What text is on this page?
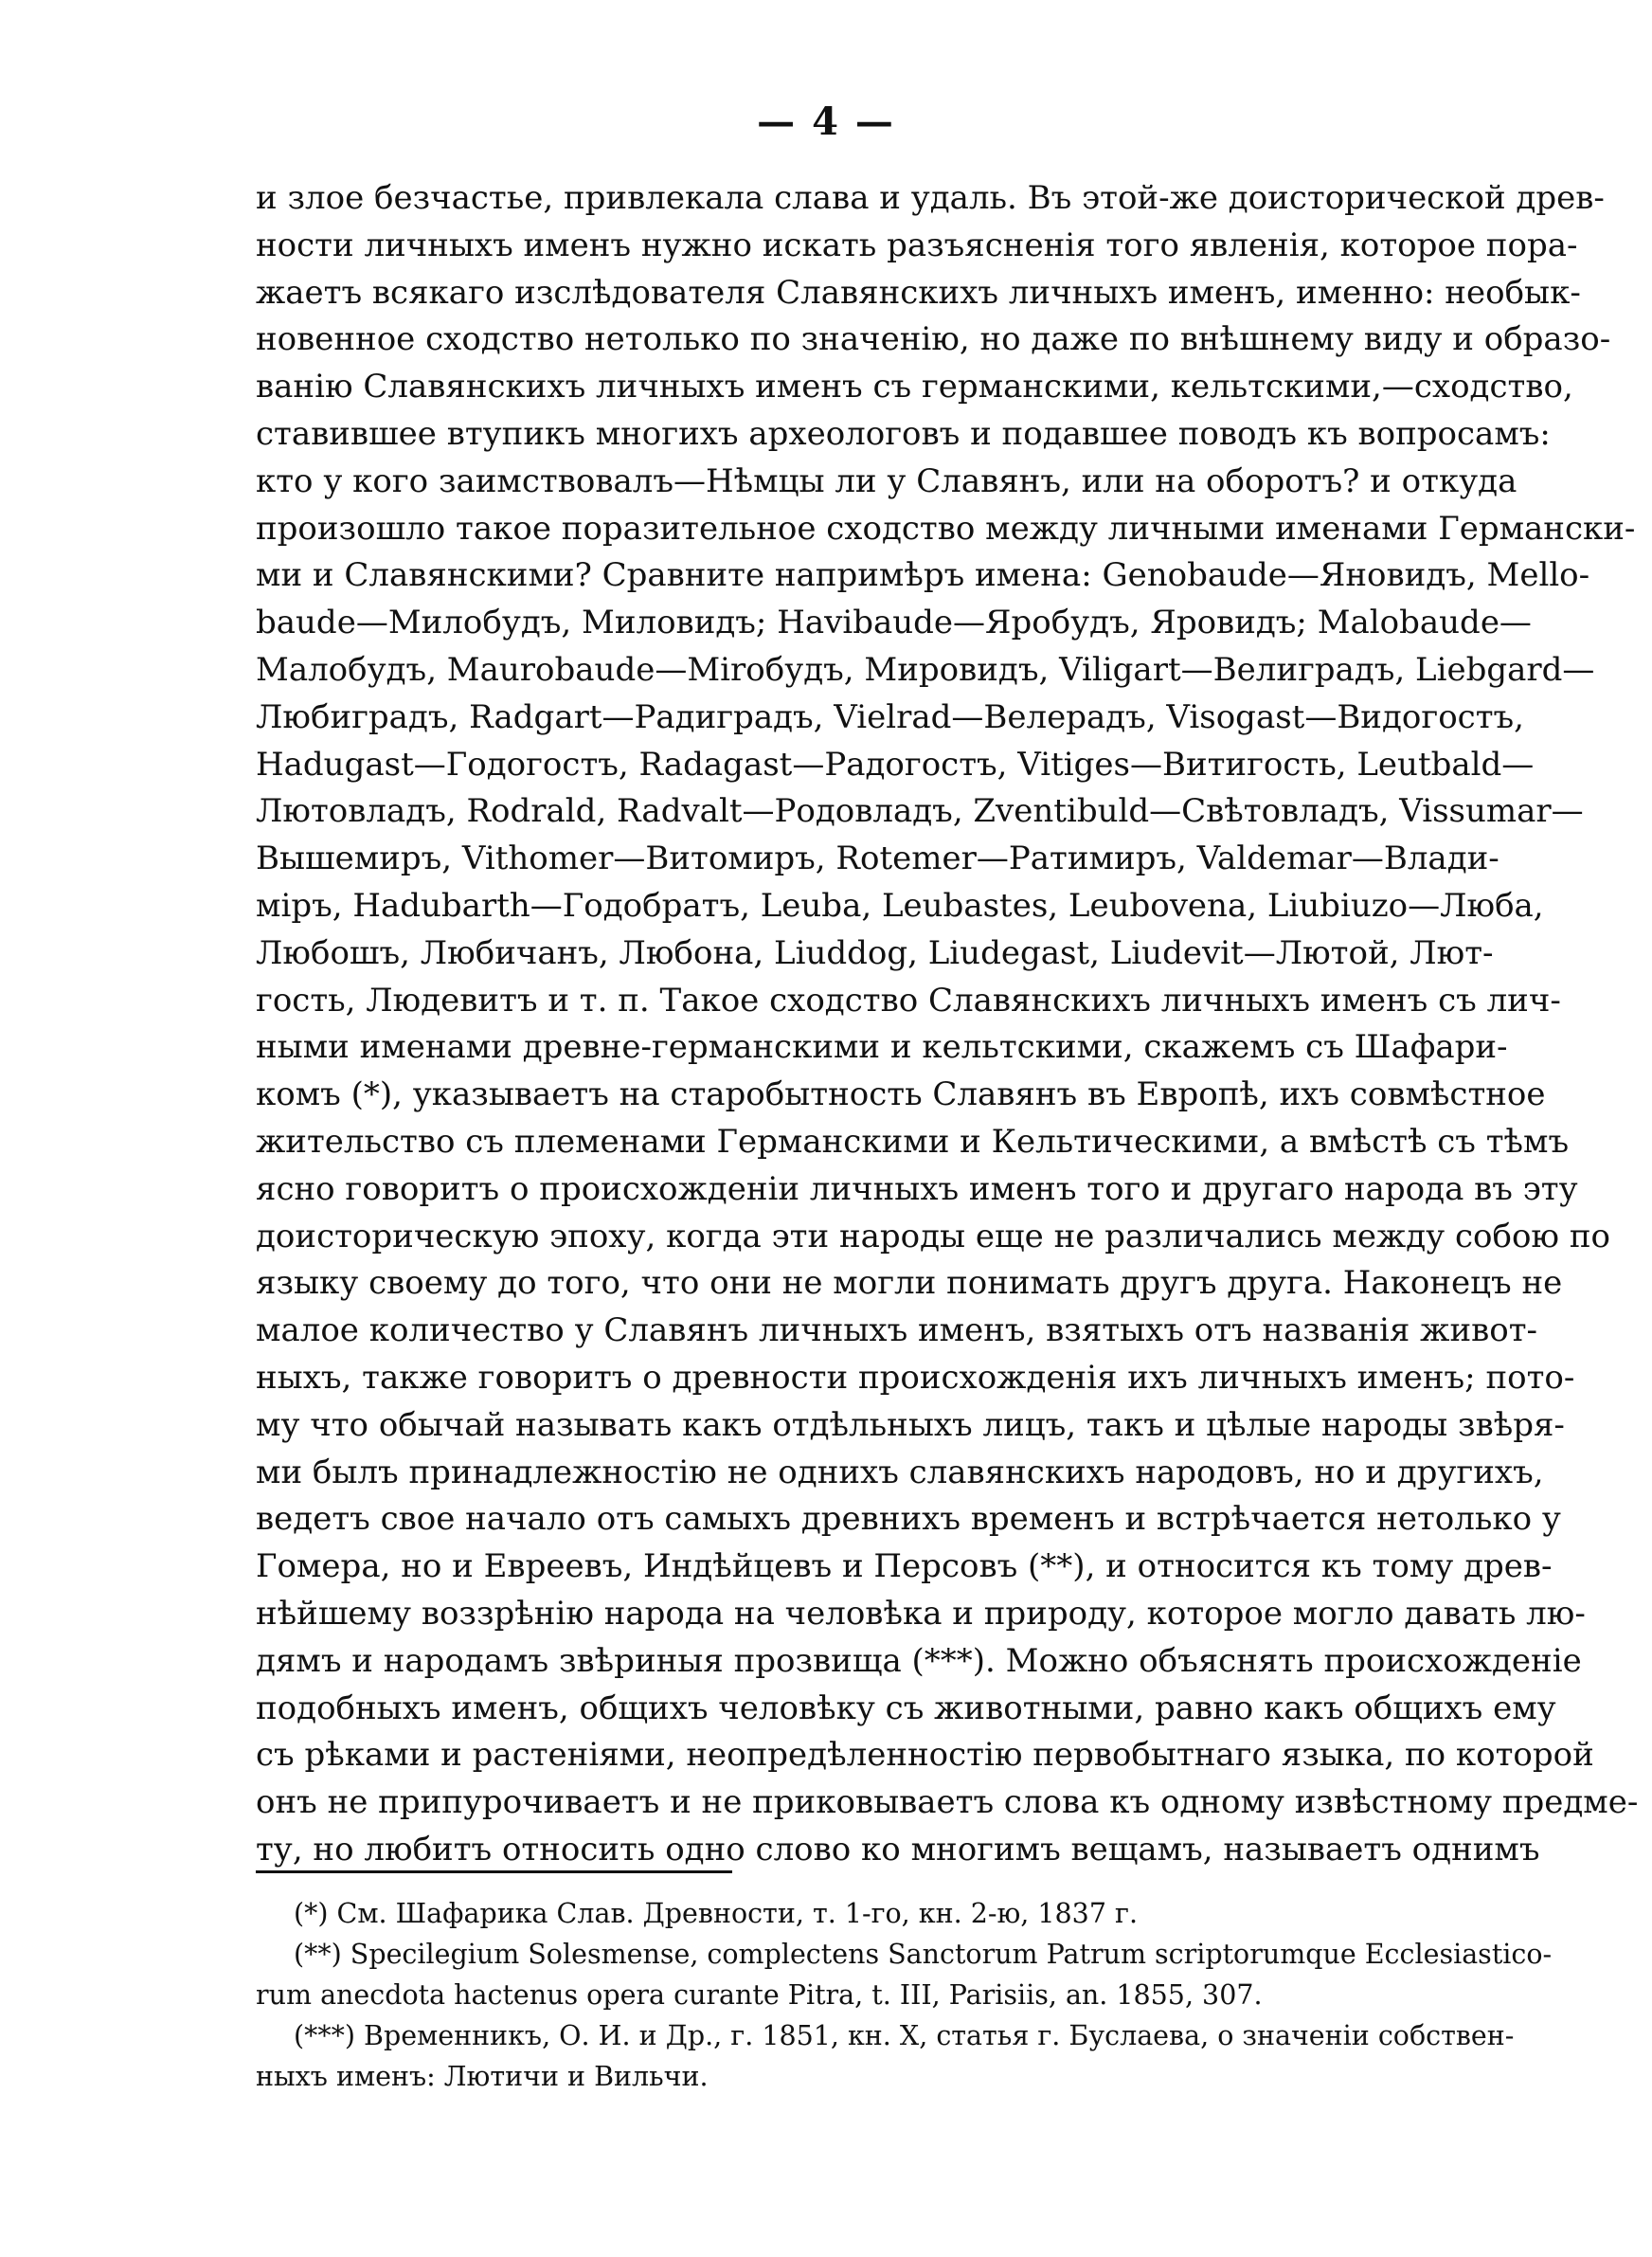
— 4 —
и злое безчастье, привлекала слава и удаль. Въ этой-же доисторической древ-
ности личныхъ именъ нужно искать разъясненія того явленія, которое пора-
жаетъ всякаго изслѣдователя Славянскихъ личныхъ именъ, именно: необык-
новенное сходство нетолько по значенію, но даже по внѣшнему виду и образо-
ванію Славянскихъ личныхъ именъ съ германскими, кельтскими,—сходство,
ставившее втупикъ многихъ археологовъ и подавшее поводъ къ вопросамъ:
кто у кого заимствовалъ—Нѣмцы ли у Славянъ, или на оборотъ? и откуда
произошло такое поразительное сходство между личными именами Германски-
ми и Славянскими? Сравните напримѣръ имена: Genobaude—Яновидъ, Mello-
baude—Милобудъ, Миловидъ; Havibaude—Яробудъ, Яровидъ; Malobaude—
Малобудъ, Maurobaude—Мirобудъ, Мировидъ, Viligart—Велиградъ, Liebgard—
Любиградъ, Radgart—Радиградъ, Vielrad—Велерадъ, Visogast—Видогостъ,
Hadugast—Годогостъ, Radagast—Радогостъ, Vitiges—Витигость, Leutbald—
Лютовладъ, Rodrald, Radvalt—Родовладъ, Zventibuld—Свѣтовладъ, Vissumar—
Вышемиръ, Vithomer—Витомиръ, Rotemer—Ратимиръ, Valdemar—Влади-
міръ, Hadubarth—Годобратъ, Leuba, Leubastes, Leubovena, Liubiuzo—Люба,
Любошъ, Любичанъ, Любона, Liuddog, Liudegast, Liudevit—Лютой, Лют-
гость, Людевитъ и т. п. Такое сходство Славянскихъ личныхъ именъ съ лич-
ными именами древне-германскими и кельтскими, скажемъ съ Шафари-
комъ (*), указываетъ на старобытность Славянъ въ Европѣ, ихъ совмѣстное
жительство съ племенами Германскими и Кельтическими, а вмѣстѣ съ тѣмъ
ясно говоритъ о происхожденіи личныхъ именъ того и другаго народа въ эту
доисторическую эпоху, когда эти народы еще не различались между собою по
языку своему до того, что они не могли понимать другъ друга. Наконецъ не
малое количество у Славянъ личныхъ именъ, взятыхъ отъ названія живот-
ныхъ, также говоритъ о древности происхожденія ихъ личныхъ именъ; пото-
му что обычай называть какъ отдѣльныхъ лицъ, такъ и цѣлые народы звѣря-
ми былъ принадлежностію не однихъ славянскихъ народовъ, но и другихъ,
ведетъ свое начало отъ самыхъ древнихъ временъ и встрѣчается нетолько у
Гомера, но и Евреевъ, Индѣйцевъ и Персовъ (**), и относится къ тому древ-
нѣйшему воззрѣнію народа на человѣка и природу, которое могло давать лю-
дямъ и народамъ звѣриныя прозвища (***). Можно объяснять происхожденіе
подобныхъ именъ, общихъ человѣку съ животными, равно какъ общихъ ему
съ рѣками и растеніями, неопредѣленностію первобытнаго языка, по которой
онъ не припурочиваетъ и не приковываетъ слова къ одному извѣстному предме-
ту, но любитъ относить одно слово ко многимъ вещамъ, называетъ однимъ
(*) См. Шафарика Слав. Древности, т. 1-го, кн. 2-ю, 1837 г.
(**) Specilegium Solesmense, complectens Sanctorum Patrum scriptorumque Ecclesiastico-
rum anecdota hactenus opera curante Pitra, t. III, Parisiis, an. 1855, 307.
(***) Временникъ, О. И. и Др., г. 1851, кн. X, статья г. Буслаева, о значеніи собствен-
ныхъ именъ: Лютичи и Вильчи.
